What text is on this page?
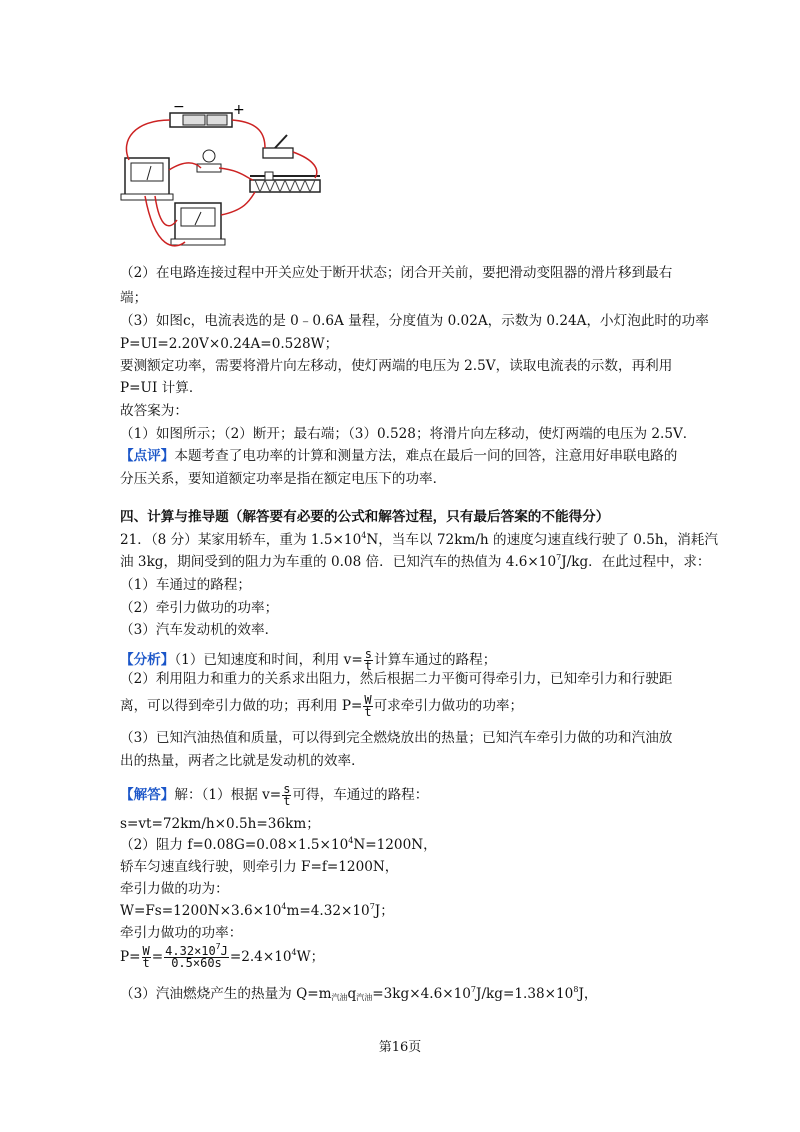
−	+
（2）在电路连接过程中开关应处于断开状态；闭合开关前，要把滑动变阻器的滑片移到最右
端；
（3）如图c，电流表选的是 0﹣0.6A 量程，分度值为 0.02A，示数为 0.24A，小灯泡此时的功率
P=UI=2.20V×0.24A=0.528W；
要测额定功率，需要将滑片向左移动，使灯两端的电压为 2.5V，读取电流表的示数，再利用
P=UI 计算．
故答案为：
（1）如图所示；（2）断开；最右端；（3）0.528；将滑片向左移动，使灯两端的电压为 2.5V．
【点评】本题考查了电功率的计算和测量方法，难点在最后一问的回答，注意用好串联电路的
分压关系，要知道额定功率是指在额定电压下的功率．
四、计算与推导题（解答要有必要的公式和解答过程，只有最后答案的不能得分）
21．（8 分）某家用轿车，重为 $1.5\times 10^4N$，当车以 72km/h 的速度匀速直线行驶了 0.5h，消耗汽
油 3kg，期间受到的阻力为车重的 0.08 倍．已知汽车的热值为 $4.6\times 10^7J/kg$．在此过程中，求：
（1）车通过的路程；
（2）牵引力做功的功率；
（3）汽车发动机的效率．
【分析】（1）已知速度和时间，利用 $v= \frac{s}{t}$ 计算车通过的路程；
（2）利用阻力和重力的关系求出阻力，然后根据二力平衡可得牵引力，已知牵引力和行驶距
离，可以得到牵引力做的功；再利用 $P= \frac{W}{t}$ 可求牵引力做功的功率；
（3）已知汽油热值和质量，可以得到完全燃烧放出的热量；已知汽车牵引力做的功和汽油放
出的热量，两者之比就是发动机的效率．
【解答】解：（1）根据 $v= \frac{s}{t}$ 可得，车通过的路程：
s=vt=72km/h×0.5h=36km；
（2）阻力 $f=0.08G=0.08\times 1.5\times 10^4N=1200N$，
轿车匀速直线行驶，则牵引力 F=f=1200N，
牵引力做的功为：
$W=Fs=1200N\times 3.6\times 10^4m=4.32\times 10^7J$；
牵引力做功的功率：
$P= \frac{W}{t} = \frac{4.32\times 10^7J}{0.5\times 60s} =2.4\times 10^4W$；
（3）汽油燃烧产生的热量为 $Q=m_{汽油}q_{汽油}=3kg\times 4.6\times 10^7J/kg=1.38\times 10^8J$，
第16页
